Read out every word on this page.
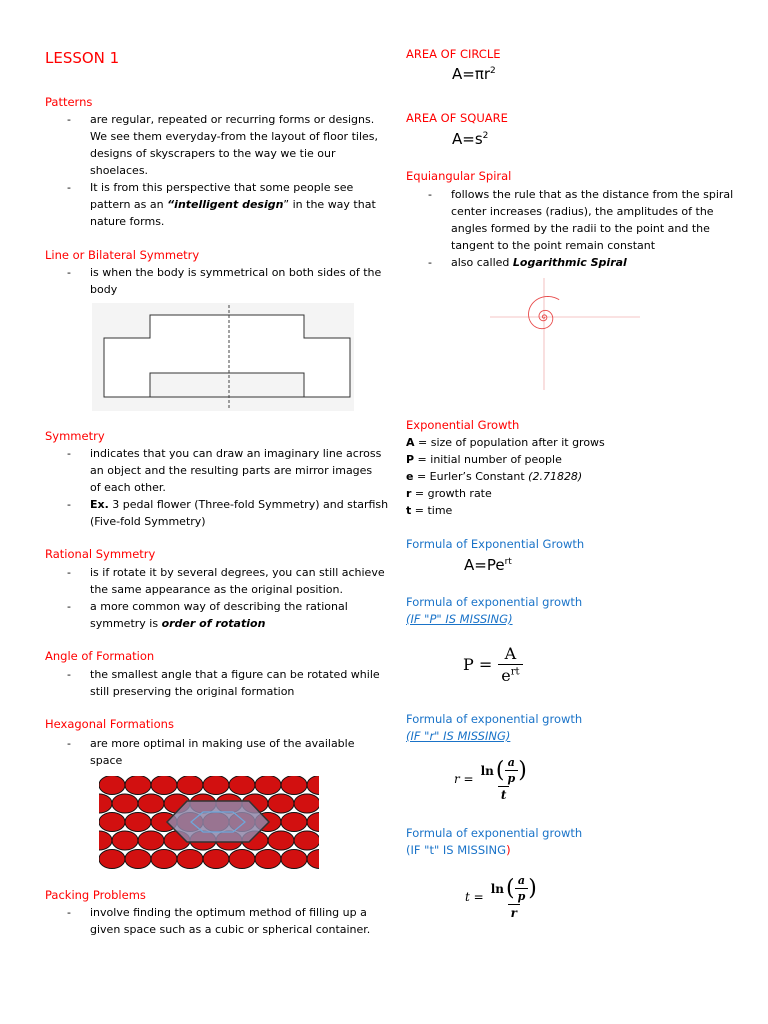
LESSON 1
Patterns
- are regular, repeated or recurring forms or designs.
We see them everyday-from the layout of floor tiles,
designs of skyscrapers to the way we tie our
shoelaces.
- It is from this perspective that some people see
pattern as an “intelligent design” in the way that
nature forms.
Line or Bilateral Symmetry
- is when the body is symmetrical on both sides of the
body
Symmetry
- indicates that you can draw an imaginary line across
an object and the resulting parts are mirror images
of each other.
- Ex. 3 pedal flower (Three-fold Symmetry) and starfish
(Five-fold Symmetry)
Rational Symmetry
- is if rotate it by several degrees, you can still achieve
the same appearance as the original position.
- a more common way of describing the rational
symmetry is order of rotation
Angle of Formation
- the smallest angle that a figure can be rotated while
still preserving the original formation
Hexagonal Formations
- are more optimal in making use of the available
space
Packing Problems
- involve finding the optimum method of filling up a
given space such as a cubic or spherical container.
AREA OF CIRCLE
$A=\pi r^2$
AREA OF SQUARE
$A=s^2$
Equiangular Spiral
- follows the rule that as the distance from the spiral
center increases (radius), the amplitudes of the
angles formed by the radii to the point and the
tangent to the point remain constant
- also called Logarithmic Spiral
Exponential Growth
A = size of population after it grows
P = initial number of people
e = Eurler’s Constant (2.71828)
r = growth rate
t = time
Formula of Exponential Growth
$A=Pe^{rt}$
Formula of exponential growth
(IF "P" IS MISSING)
$P = \frac{A}{e^{rt}}$
Formula of exponential growth
(IF "r" IS MISSING)
$r = \frac{\ln ( \frac{a}{p} )}{t}$
Formula of exponential growth
(IF "t" IS MISSING)
$t = \frac{\ln ( \frac{a}{p} )}{r}$
